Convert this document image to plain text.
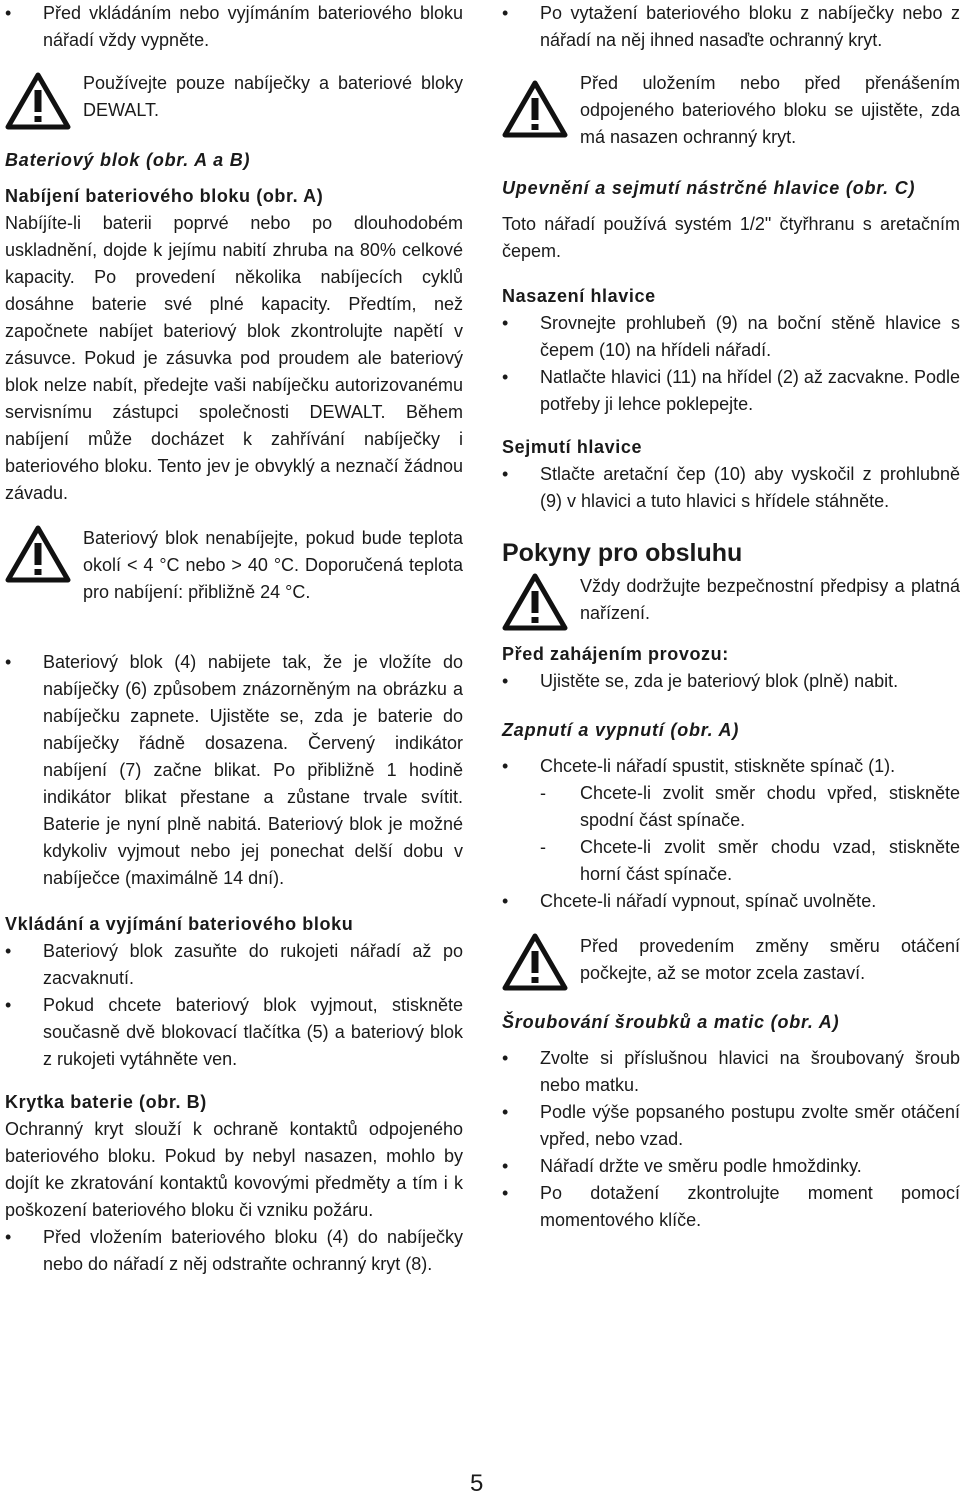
• Před vkládáním nebo vyjímáním bateriového bloku nářadí vždy vypněte.

Používejte pouze nabíječky a bateriové bloky DEWALT.

Bateriový blok (obr. A a B)

Nabíjení bateriového bloku (obr. A)

Nabíjíte-li baterii poprvé nebo po dlouhodobém uskladnění, dojde k jejímu nabití zhruba na 80% celkové kapacity. Po provedení několika nabíjecích cyklů dosáhne baterie své plné kapacity. Předtím, než započnete nabíjet bateriový blok zkontrolujte napětí v zásuvce. Pokud je zásuvka pod proudem ale bateriový blok nelze nabít, předejte vaši nabíječku autorizovanému servisnímu zástupci společnosti DEWALT. Během nabíjení může docházet k zahřívání nabíječky i bateriového bloku. Tento jev je obvyklý a neznačí žádnou závadu.

Bateriový blok nenabíjejte, pokud bude teplota okolí < 4 °C nebo > 40 °C. Doporučená teplota pro nabíjení: přibližně 24 °C.

• Bateriový blok (4) nabijete tak, že je vložíte do nabíječky (6) způsobem znázorněným na obrázku a nabíječku zapnete. Ujistěte se, zda je baterie do nabíječky řádně dosazena. Červený indikátor nabíjení (7) začne blikat. Po přibližně 1 hodině indikátor blikat přestane a zůstane trvale svítit. Baterie je nyní plně nabitá. Bateriový blok je možné kdykoliv vyjmout nebo jej ponechat delší dobu v nabíječce (maximálně 14 dní).

Vkládání a vyjímání bateriového bloku

• Bateriový blok zasuňte do rukojeti nářadí až po zacvaknutí.
• Pokud chcete bateriový blok vyjmout, stiskněte současně dvě blokovací tlačítka (5) a bateriový blok z rukojeti vytáhněte ven.

Krytka baterie (obr. B)

Ochranný kryt slouží k ochraně kontaktů odpojeného bateriového bloku. Pokud by nebyl nasazen, mohlo by dojít ke zkratování kontaktů kovovými předměty a tím i k poškození bateriového bloku či vzniku požáru.

• Před vložením bateriového bloku (4) do nabíječky nebo do nářadí z něj odstraňte ochranný kryt (8).
• Po vytažení bateriového bloku z nabíječky nebo z nářadí na něj ihned nasaďte ochranný kryt.

Před uložením nebo před přenášením odpojeného bateriového bloku se ujistěte, zda má nasazen ochranný kryt.

Upevnění a sejmutí nástrčné hlavice (obr. C)

Toto nářadí používá systém 1/2" čtyřhranu s aretačním čepem.

Nasazení hlavice

• Srovnejte prohlubeň (9) na boční stěně hlavice s čepem (10) na hřídeli nářadí.
• Natlačte hlavici (11) na hřídel (2) až zacvakne. Podle potřeby ji lehce poklepejte.

Sejmutí hlavice

• Stlačte aretační čep (10) aby vyskočil z prohlubně (9) v hlavici a tuto hlavici s hřídele stáhněte.

Pokyny pro obsluhu

Vždy dodržujte bezpečnostní předpisy a platná nařízení.

Před zahájením provozu:

• Ujistěte se, zda je bateriový blok (plně) nabit.

Zapnutí a vypnutí (obr. A)

• Chcete-li nářadí spustit, stiskněte spínač (1).
- Chcete-li zvolit směr chodu vpřed, stiskněte spodní část spínače.
- Chcete-li zvolit směr chodu vzad, stiskněte horní část spínače.
• Chcete-li nářadí vypnout, spínač uvolněte.

Před provedením změny směru otáčení počkejte, až se motor zcela zastaví.

Šroubování šroubků a matic (obr. A)

• Zvolte si příslušnou hlavici na šroubovaný šroub nebo matku.
• Podle výše popsaného postupu zvolte směr otáčení vpřed, nebo vzad.
• Nářadí držte ve směru podle hmoždinky.
• Po dotažení zkontrolujte moment pomocí momentového klíče.
5
